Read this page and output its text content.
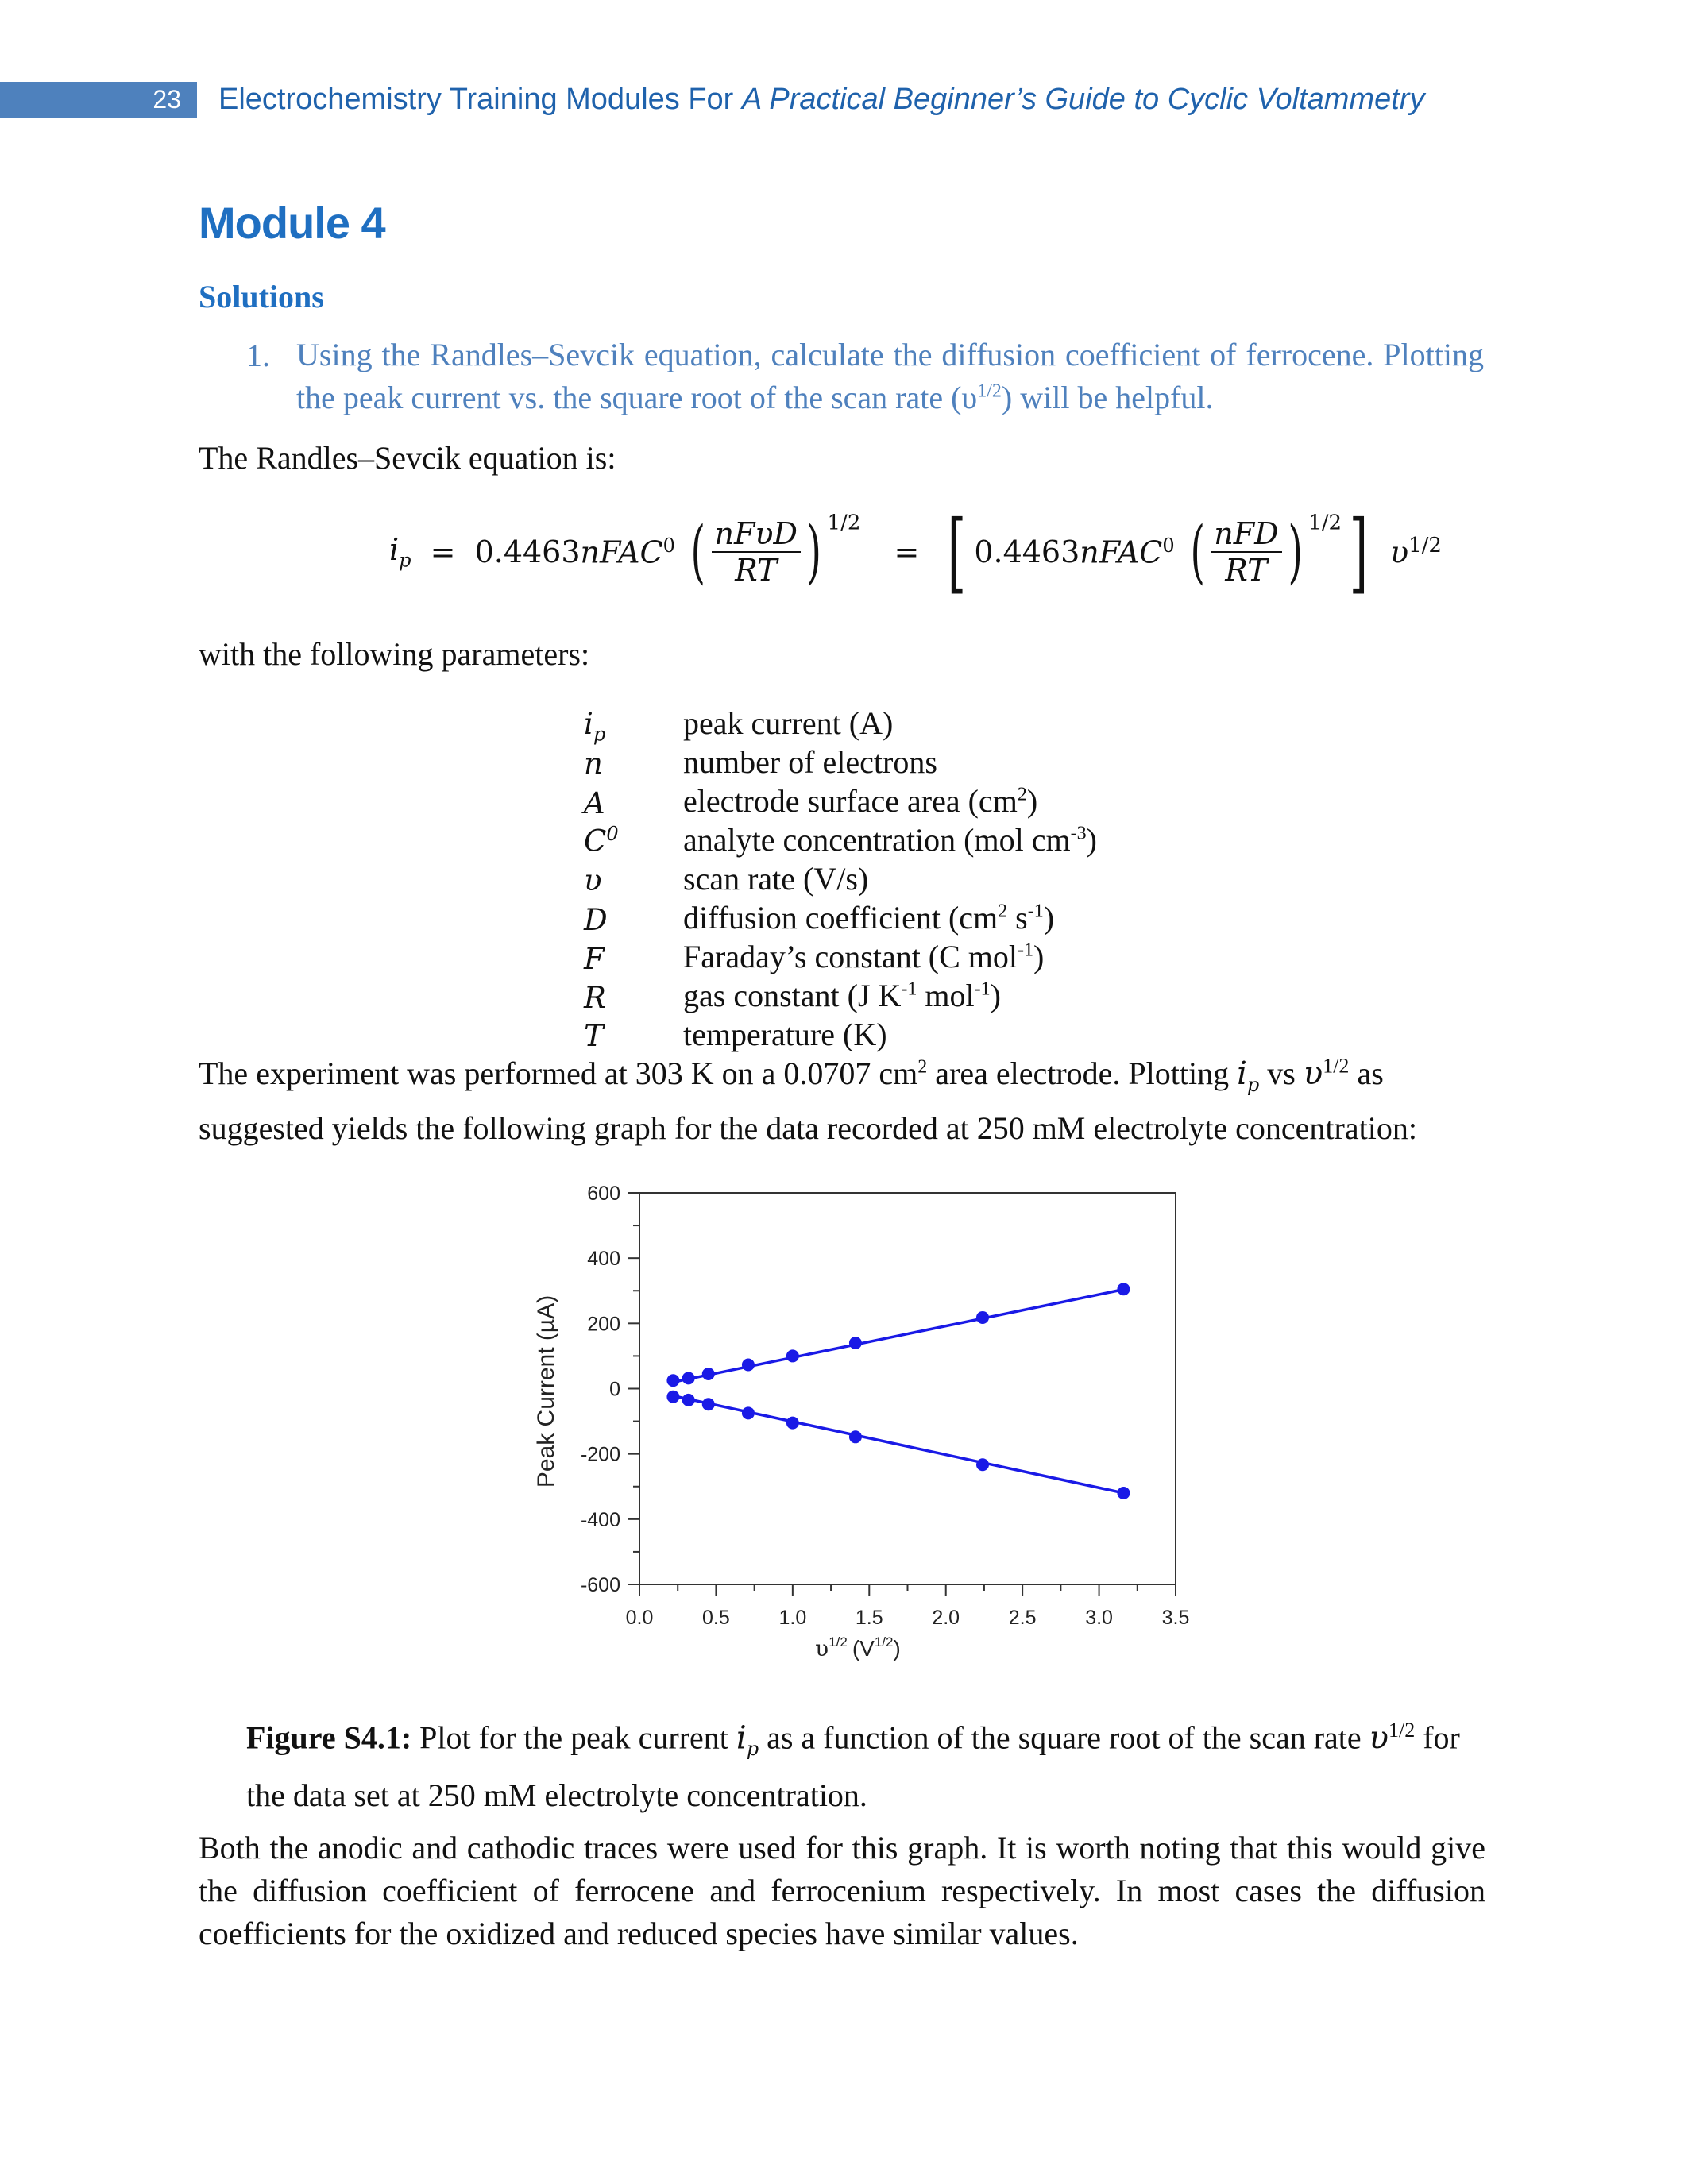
23 Electrochemistry Training Modules For A Practical Beginner’s Guide to Cyclic Voltammetry
Module 4
Solutions
1. Using the Randles–Sevcik equation, calculate the diffusion coefficient of ferrocene. Plotting the peak current vs. the square root of the scan rate $(\upsilon^{1/2})$ will be helpful.
The Randles–Sevcik equation is:
$i_p$ = 0.4463nFAC$^0$ ( $\frac{\text{nFυD}}{RT}$ ) $^{1/2}$ = [ 0.4463nFAC$^0$ ( $\frac{\text{nFD}}{RT}$ ) $^{1/2}$] $\upsilon^{1/2}$
with the following parameters:
$i_p$ peak current (A)
n	number of electrons
A electrode surface area $(cm^2)$
$C^0$ analyte concentration (mol $cm^{-3}$)
υ	scan rate (V/s)
D diffusion coefficient ($cm^2$ $s^{-1}$)
F Faraday’s constant (C mol$^{-1}$)
R gas constant (J $K^{-1}$ mol$^{-1}$)
T	temperature (K)
The experiment was performed at 303 K on a 0.0707 $cm^2$ area electrode. Plotting $i_p$ vs $\upsilon^{1/2}$ as suggested yields the following graph for the data recorded at 250 mM electrolyte concentration:
0.0 0.5 1.0 1.5 2.0 2.5 3.0 3.5
600
400
200
0
-200
-400
-600
Peak Current (µA)
$\upsilon^{1/2}$ $(V^{1/2})$
Figure S4.1: Plot for the peak current $i_p$ as a function of the square root of the scan rate $\upsilon^{1/2}$ for the data set at 250 mM electrolyte concentration.
Both the anodic and cathodic traces were used for this graph. It is worth noting that this would give the diffusion coefficient of ferrocene and ferrocenium respectively. In most cases the diffusion coefficients for the oxidized and reduced species have similar values.
